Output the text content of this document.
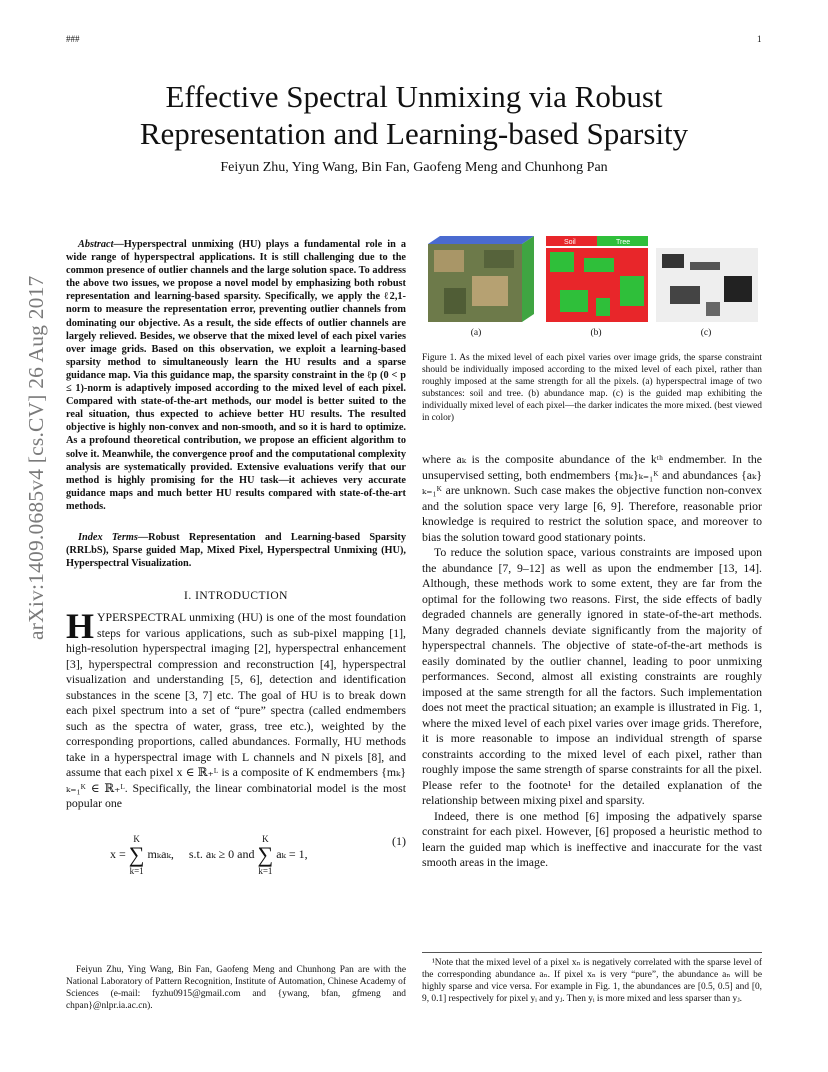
###	1
arXiv:1409.0685v4 [cs.CV] 26 Aug 2017
Effective Spectral Unmixing via Robust
Representation and Learning-based Sparsity
Feiyun Zhu, Ying Wang, Bin Fan, Gaofeng Meng and Chunhong Pan

Abstract—Hyperspectral unmixing (HU) plays a fundamental role in a wide range of hyperspectral applications. It is still challenging due to the common presence of outlier channels and the large solution space. To address the above two issues, we propose a novel model by emphasizing both robust representation and learning-based sparsity. Specifically, we apply the ℓ2,1-norm to measure the representation error, preventing outlier channels from dominating our objective. As a result, the side effects of outlier channels are largely relieved. Besides, we observe that the mixed level of each pixel varies over image grids. Based on this observation, we exploit a learning-based sparsity method to simultaneously learn the HU results and a sparse guidance map. Via this guidance map, the sparsity constraint in the ℓp (0 < p ≤ 1)-norm is adaptively imposed according to the mixed level of each pixel. Compared with state-of-the-art methods, our model is better suited to the real situation, thus expected to achieve better HU results. The resulted objective is highly non-convex and non-smooth, and so it is hard to optimize. As a profound theoretical contribution, we propose an efficient algorithm to solve it. Meanwhile, the convergence proof and the computational complexity analysis are systematically provided. Extensive evaluations verify that our method is highly promising for the HU task—it achieves very accurate guidance maps and much better HU results compared with state-of-the-art methods.

Index Terms—Robust Representation and Learning-based Sparsity (RRLbS), Sparse guided Map, Mixed Pixel, Hyperspectral Unmixing (HU), Hyperspectral Visualization.

I. INTRODUCTION

HYPERSPECTRAL unmixing (HU) is one of the most foundation steps for various applications, such as sub-pixel mapping [1], high-resolution hyperspectral imaging [2], hyperspectral enhancement [3], hyperspectral compression and reconstruction [4], hyperspectral visualization and understanding [5, 6], detection and identification substances in the scene [3, 7] etc. The goal of HU is to break down each pixel spectrum into a set of “pure” spectra (called endmembers such as the spectra of water, grass, tree etc.), weighted by the corresponding proportions, called abundances. Formally, HU methods take in a hyperspectral image with L channels and N pixels [8], and assume that each pixel x ∈ ℝ₊ᴸ is a composite of K endmembers {mₖ}ₖ₌₁ᴷ ∈ ℝ₊ᴸ. Specifically, the linear combinatorial model is the most popular one

x = K
∑
k=1 mₖaₖ, s.t. aₖ ≥ 0 and K
∑
k=1 aₖ = 1,
(1)
Feiyun Zhu, Ying Wang, Bin Fan, Gaofeng Meng and Chunhong Pan are with the National Laboratory of Pattern Recognition, Institute of Automation, Chinese Academy of Sciences (e-mail: fyzhu0915@gmail.com and {ywang, bfan, gfmeng and chpan}@nlpr.ia.ac.cn).
Soil	Tree
(a)	(b)	(c)
Figure 1. As the mixed level of each pixel varies over image grids, the sparse constraint should be individually imposed according to the mixed level of each pixel, rather than roughly imposed at the same strength for all the pixels. (a) hyperspectral image of two substances: soil and tree. (b) abundance map. (c) is the guided map exhibiting the individually mixed level of each pixel—the darker indicates the more mixed. (best viewed in color)

where aₖ is the composite abundance of the kᵗʰ endmember. In the unsupervised setting, both endmembers {mₖ}ₖ₌₁ᴷ and abundances {aₖ}ₖ₌₁ᴷ are unknown. Such case makes the objective function non-convex and the solution space very large [6, 9]. Therefore, reasonable prior knowledge is required to restrict the solution space, and moreover to bias the solution toward good stationary points.

To reduce the solution space, various constraints are imposed upon the abundance [7, 9–12] as well as upon the endmember [13, 14]. Although, these methods work to some extent, they are far from the optimal for the following two reasons. First, the side effects of badly degraded channels are generally ignored in state-of-the-art methods. Many degraded channels deviate significantly from the majority of hyperspectral channels. The objective of state-of-the-art methods is easily dominated by the outlier channel, leading to poor unmixing performances. Second, almost all existing constraints are roughly imposed at the same strength for all the factors. Such implementation does not meet the practical situation; an example is illustrated in Fig. 1, where the mixed level of each pixel varies over image grids. Therefore, it is more reasonable to impose an individual strength of sparse constraints according to the mixed level of each pixel, rather than roughly impose the same strength of sparse constraints for all the pixel. Please refer to the footnote¹ for the detailed explanation of the relationship between mixing pixel and sparsity.

Indeed, there is one method [6] imposing the adpatively sparse constraint for each pixel. However, [6] proposed a heuristic method to learn the guided map which is ineffective and inaccurate for the vast smooth areas in the image.

¹Note that the mixed level of a pixel xₙ is negatively correlated with the sparse level of the corresponding abundance aₙ. If pixel xₙ is very “pure”, the abundance aₙ will be highly sparse and vice versa. For example in Fig. 1, the abundances are [0.5, 0.5] and [0, 9, 0.1] respectively for pixel yᵢ and yⱼ. Then yᵢ is more mixed and less sparser than yⱼ.
